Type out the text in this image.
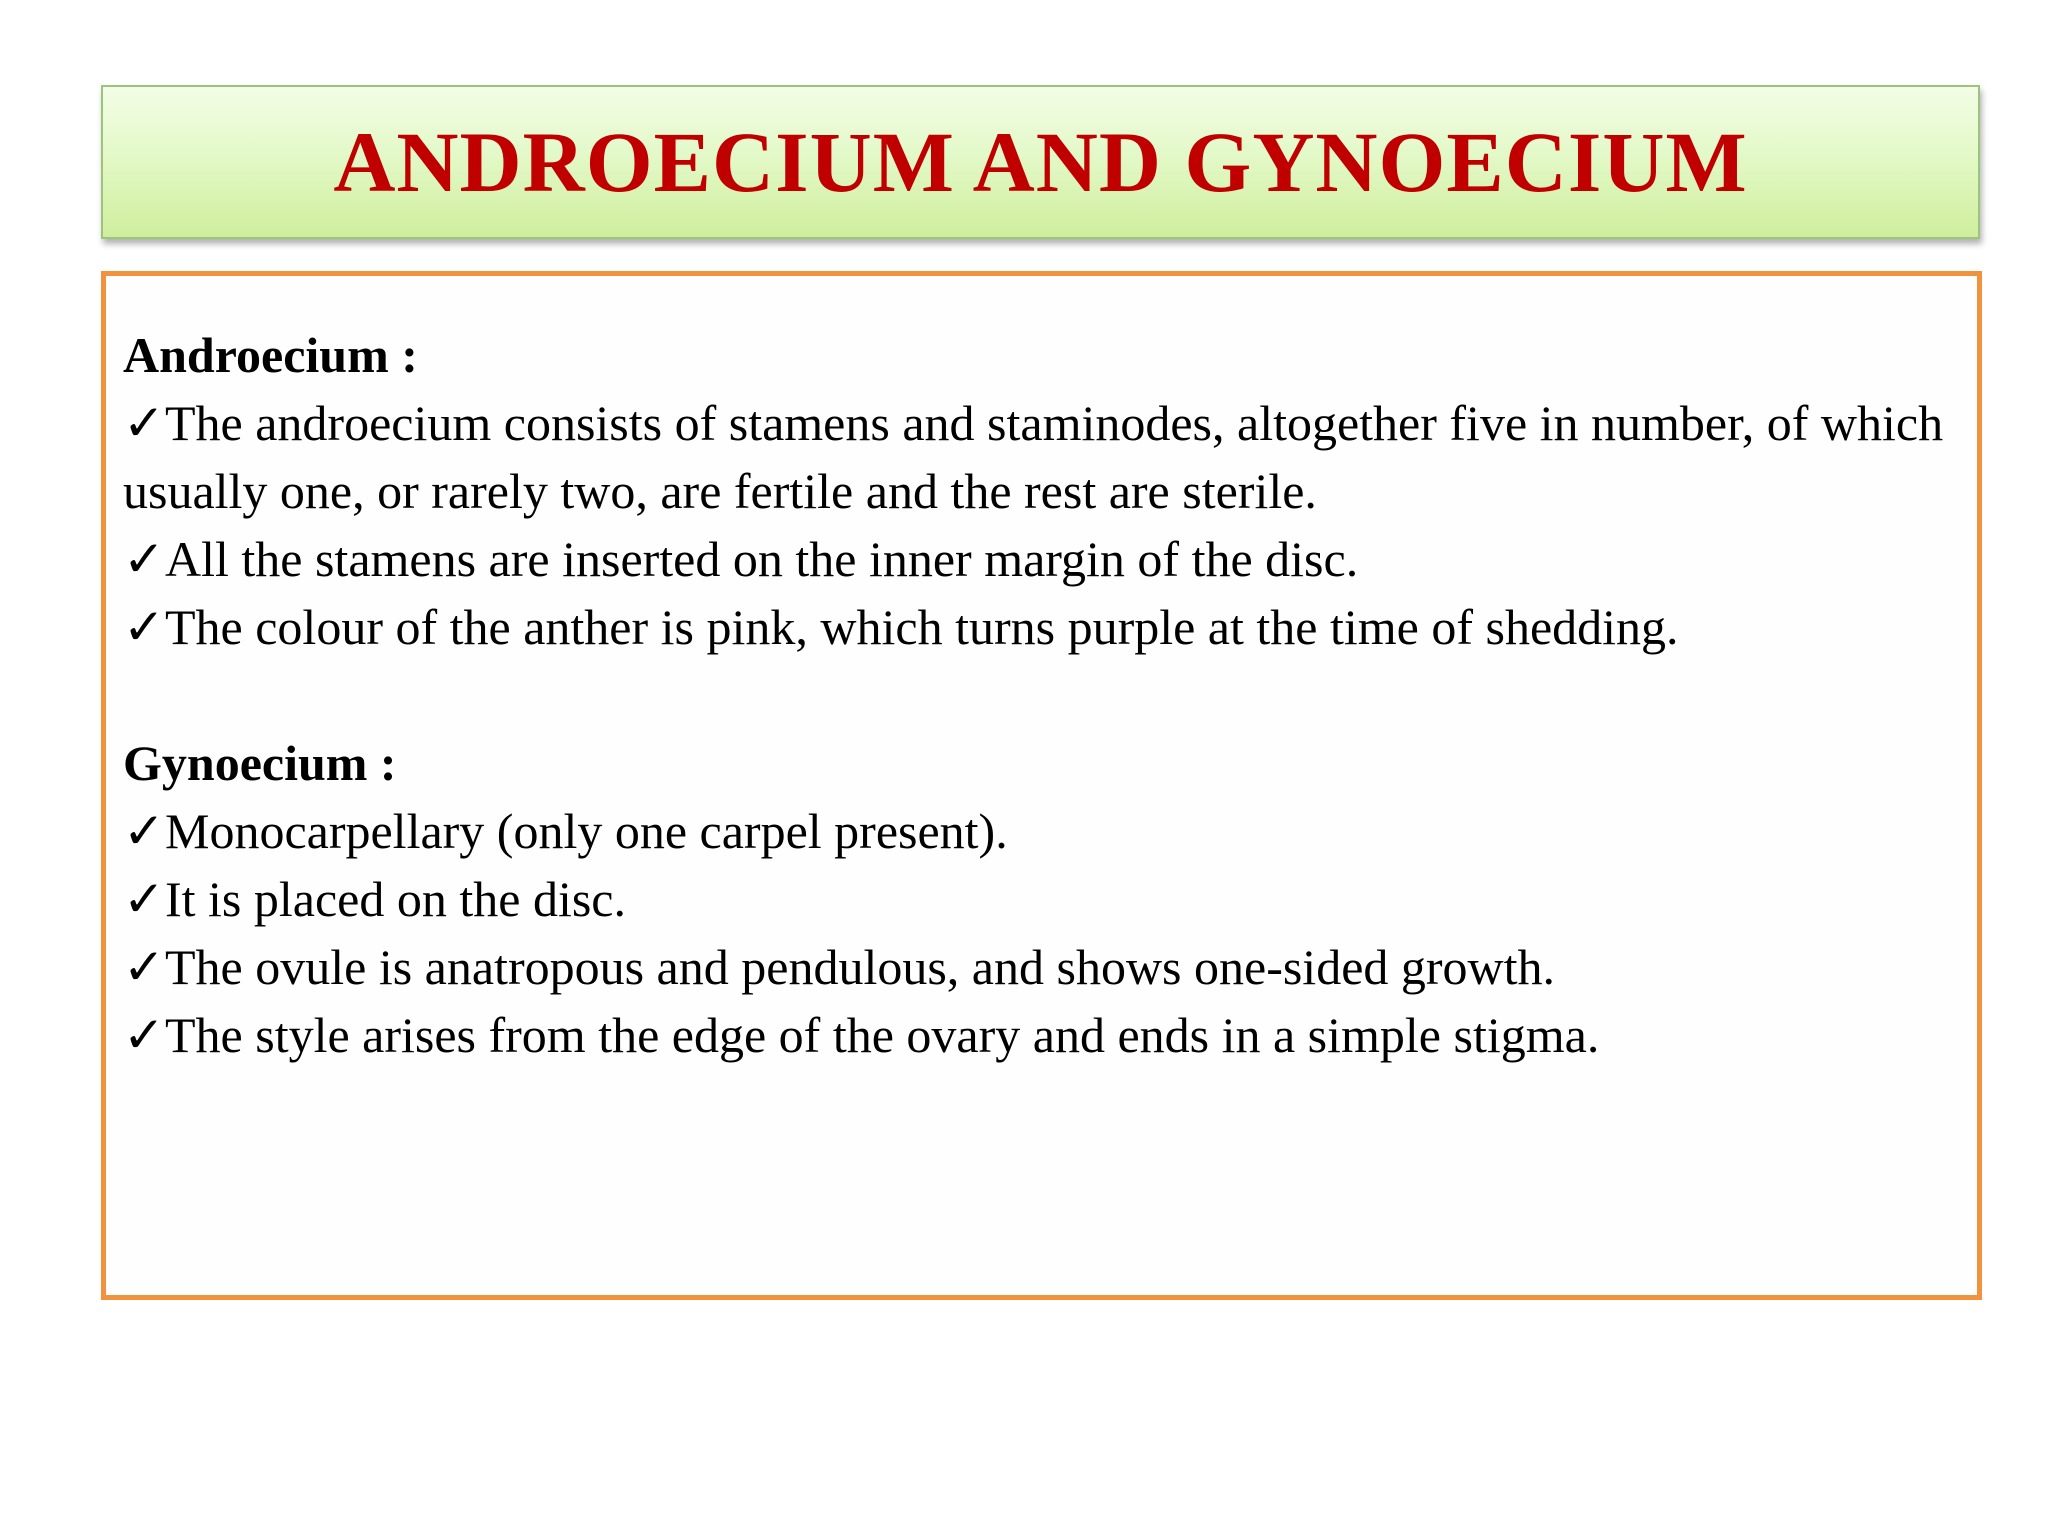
ANDROECIUM AND GYNOECIUM
Androecium :
✓The androecium consists of stamens and staminodes, altogether five in number, of which usually one, or rarely two, are fertile and the rest are sterile.
✓All the stamens are inserted on the inner margin of the disc.
✓The colour of the anther is pink, which turns purple at the time of shedding.
Gynoecium :
✓Monocarpellary (only one carpel present).
✓It is placed on the disc.
✓The ovule is anatropous and pendulous, and shows one-sided growth.
✓The style arises from the edge of the ovary and ends in a simple stigma.
